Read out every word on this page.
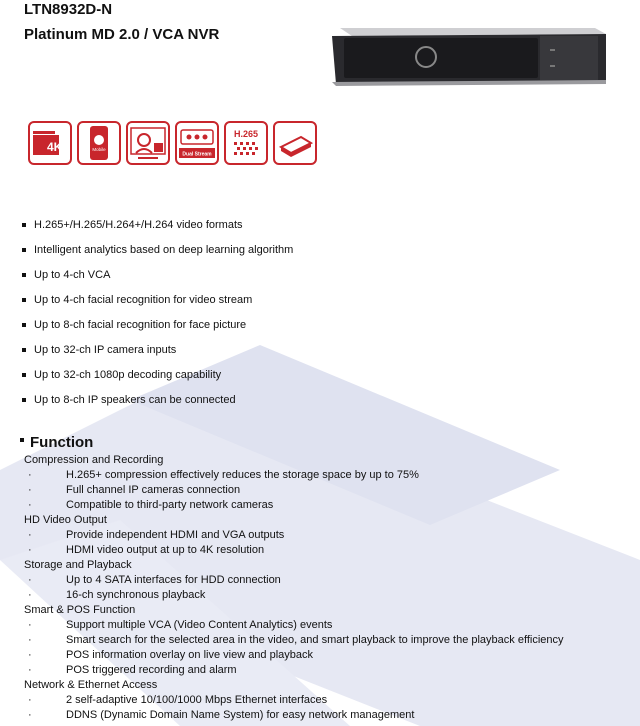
LTN8932D-N
Platinum MD 2.0 / VCA NVR
4K	Mobile
Dual Stream
H.265
H.265+/H.265/H.264+/H.264 video formats
Intelligent analytics based on deep learning algorithm
Up to 4-ch VCA
Up to 4-ch facial recognition for video stream
Up to 8-ch facial recognition for face picture
Up to 32-ch IP camera inputs
Up to 32-ch 1080p decoding capability
Up to 8-ch IP speakers can be connected
Function
Compression and Recording
· H.265+ compression effectively reduces the storage space by up to 75%
· Full channel IP cameras connection
· Compatible to third-party network cameras
HD Video Output
· Provide independent HDMI and VGA outputs
· HDMI video output at up to 4K resolution
Storage and Playback
· Up to 4 SATA interfaces for HDD connection
· 16-ch synchronous playback
Smart & POS Function
· Support multiple VCA (Video Content Analytics) events
· Smart search for the selected area in the video, and smart playback to improve the playback efficiency
· POS information overlay on live view and playback
· POS triggered recording and alarm
Network & Ethernet Access
· 2 self-adaptive 10/100/1000 Mbps Ethernet interfaces
· DDNS (Dynamic Domain Name System) for easy network management
